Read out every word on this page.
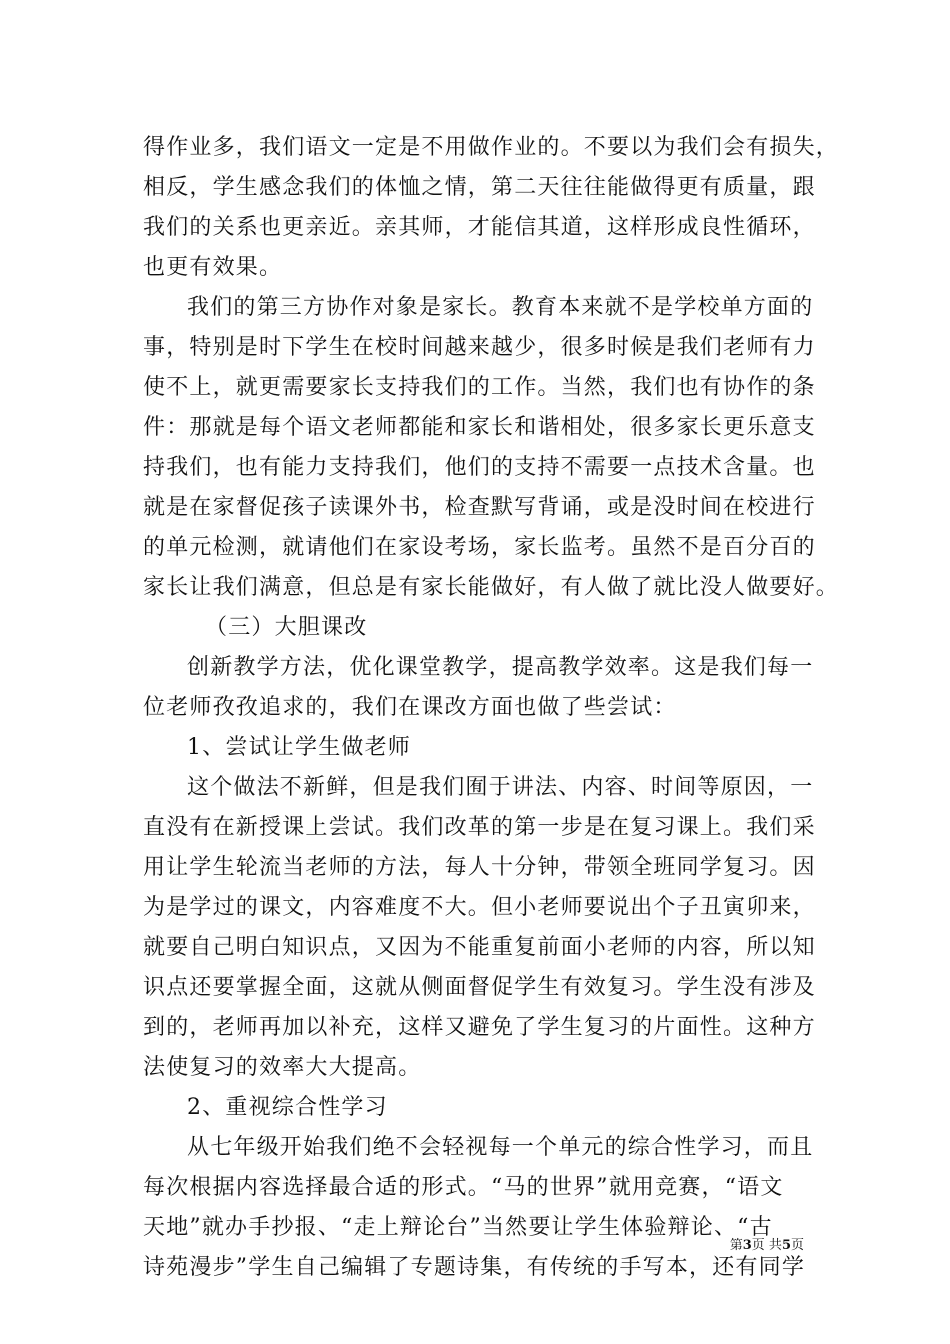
得作业多，我们语文一定是不用做作业的。不要以为我们会有损失，
相反，学生感念我们的体恤之情，第二天往往能做得更有质量，跟
我们的关系也更亲近。亲其师，才能信其道，这样形成良性循环，
也更有效果。
我们的第三方协作对象是家长。教育本来就不是学校单方面的
事，特别是时下学生在校时间越来越少，很多时候是我们老师有力
使不上，就更需要家长支持我们的工作。当然，我们也有协作的条
件：那就是每个语文老师都能和家长和谐相处，很多家长更乐意支
持我们，也有能力支持我们，他们的支持不需要一点技术含量。也
就是在家督促孩子读课外书，检查默写背诵，或是没时间在校进行
的单元检测，就请他们在家设考场，家长监考。虽然不是百分百的
家长让我们满意，但总是有家长能做好，有人做了就比没人做要好。
（三）大胆课改
创新教学方法，优化课堂教学，提高教学效率。这是我们每一
位老师孜孜追求的，我们在课改方面也做了些尝试：
1、尝试让学生做老师
这个做法不新鲜，但是我们囿于讲法、内容、时间等原因，一
直没有在新授课上尝试。我们改革的第一步是在复习课上。我们采
用让学生轮流当老师的方法，每人十分钟，带领全班同学复习。因
为是学过的课文，内容难度不大。但小老师要说出个子丑寅卯来，
就要自己明白知识点，又因为不能重复前面小老师的内容，所以知
识点还要掌握全面，这就从侧面督促学生有效复习。学生没有涉及
到的，老师再加以补充，这样又避免了学生复习的片面性。这种方
法使复习的效率大大提高。
2、重视综合性学习
从七年级开始我们绝不会轻视每一个单元的综合性学习，而且
每次根据内容选择最合适的形式。“马的世界”就用竞赛，“语文
天地”就办手抄报、“走上辩论台”当然要让学生体验辩论、“古
诗苑漫步”学生自己编辑了专题诗集，有传统的手写本，还有同学
第3页 共5页
